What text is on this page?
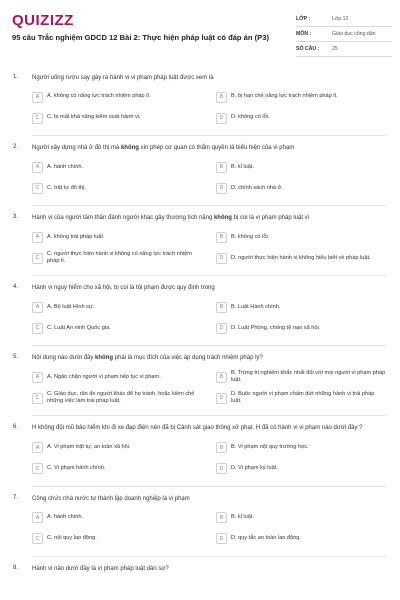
QUIZIZZ
95 câu Trắc nghiệm GDCD 12 Bài 2: Thực hiện pháp luật có đáp án (P3)
LỚP :	Lớp 12
MÔN :	Giáo dục công dân
SỐ CÂU :	25
1. Người uống rượu say gây ra hành vi vi phạm pháp luật được xem là
A	A. không có năng lực trách nhiệm pháp lí.	B	B. bị hạn chế năng lực trách nhiệm pháp lí.
C	C. bị mất khả năng kiểm soát hành vi.	D	D. không có lỗi.
2. Người xây dựng nhà ở đô thị mà không xin phép cơ quan có thẩm quyền là biểu hiện của vi phạm
A	A. hành chính.	B	B. kỉ luật.
C	C. trật tự đô thị.	D	D. chính sách nhà ở.
3. Hành vi của người tâm thần đánh người khác gây thương tích nặng không bị coi là vi phạm pháp luật vì
A	A. không trái pháp luật.	B	B. không có lỗi.
C
C. người thực hiện hành vi không có năng lực trách nhiệm pháp lí.	D	D. người thực hiện hành vi không hiểu biết về pháp luật.
4. Hành vi nguy hiểm cho xã hội, bị coi là tội phạm được quy định trong
A	A. Bộ luật Hình sự.	B	B. Luật Hành chính.
C	C. Luật An ninh Quốc gia.	D	D. Luật Phòng, chống tệ nạn xã hội.
5. Nội dung nào dưới đây không phải là mục đích của việc áp dụng trách nhiệm pháp lý?
A	A. Ngăn chặn người vi phạm tiếp tục vi phạm.	B
B. Trừng trị nghiêm khắc nhất đối với mọi người vi phạm pháp luật.
C
C. Giáo dục, răn đe người khác để họ tránh, hoặc kiềm chế những việc làm trái pháp luật.	D
D. Buộc người vi phạm chấm dứt những hành vi trái pháp luật.
6. H không đội mũ bảo hiểm khi đi xe đạp điện nên đã bị Cảnh sát giao thông xử phạt. H đã có hành vi vi phạm nào dưới đây ?
A	A. Vi phạm trật tự, an toàn xã hội.	B	B. Vi phạm nội quy trường học.
C	C. Vi phạm hành chính.	D	D. Vi phạm kỷ luật.
7. Công chức nhà nước tự thành lập doanh nghiệp là vi phạm
A	A. hành chính.	B	B. kỉ luật.
C	C. nội quy lao động.	D	D. quy tắc an toàn lao động.
8. Hành vi nào dưới đây là vi phạm pháp luật dân sự?
